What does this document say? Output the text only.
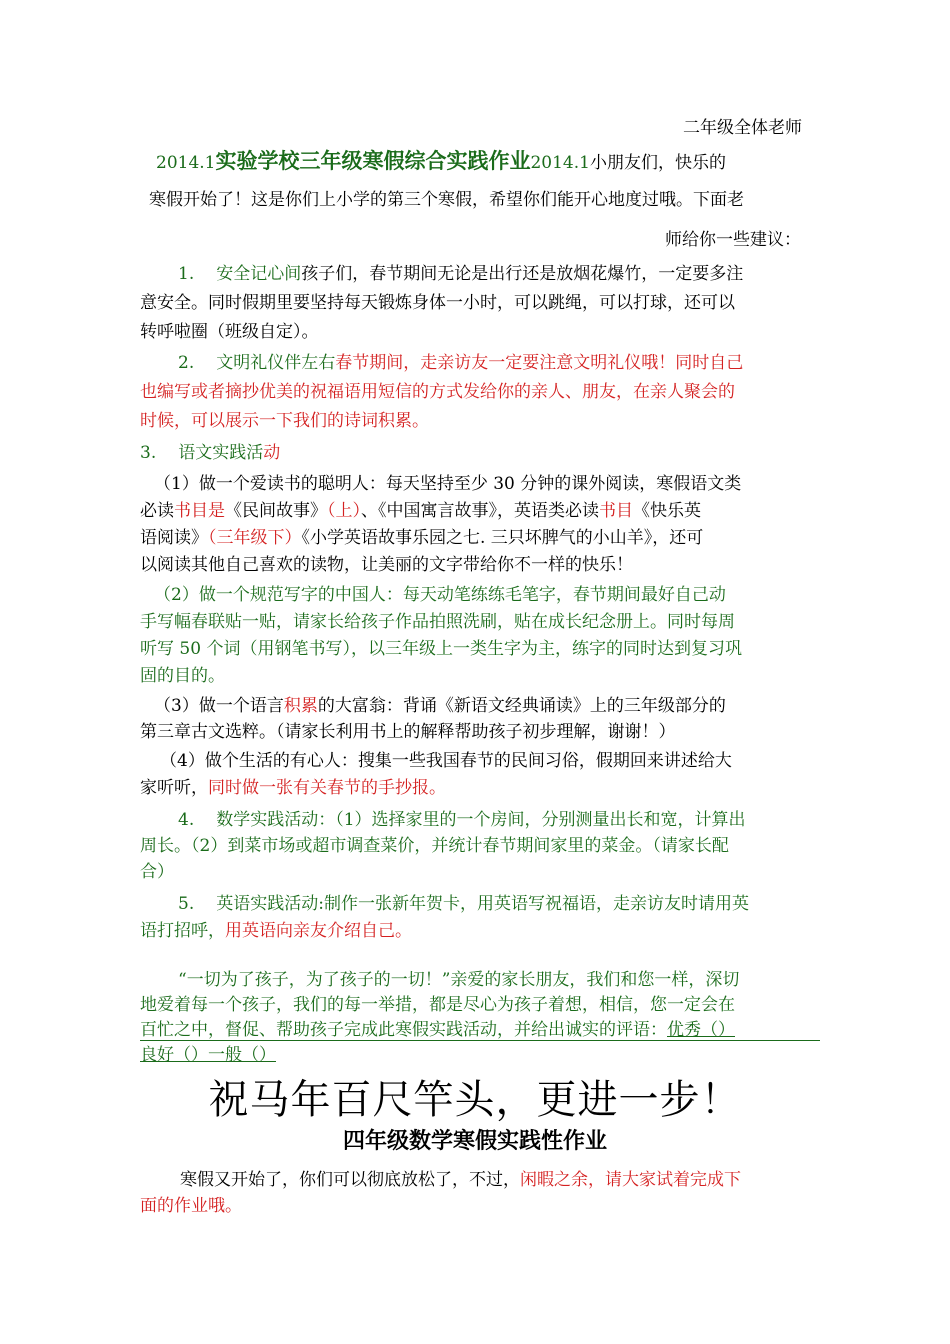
二年级全体老师
2014.1实验学校三年级寒假综合实践作业2014.1小朋友们，快乐的
寒假开始了！这是你们上小学的第三个寒假，希望你们能开心地度过哦。下面老
师给你一些建议：
1. 安全记心间孩子们，春节期间无论是出行还是放烟花爆竹，一定要多注
意安全。同时假期里要坚持每天锻炼身体一小时，可以跳绳，可以打球，还可以
转呼啦圈（班级自定）。
2. 文明礼仪伴左右春节期间，走亲访友一定要注意文明礼仪哦！同时自己
也编写或者摘抄优美的祝福语用短信的方式发给你的亲人、朋友，在亲人聚会的
时候，可以展示一下我们的诗词积累。
3. 语文实践活动
（1）做一个爱读书的聪明人：每天坚持至少 30 分钟的课外阅读，寒假语文类
必读书目是《民间故事》（上）、《中国寓言故事》，英语类必读书目《快乐英
语阅读》（三年级下）《小学英语故事乐园之七. 三只坏脾气的小山羊》，还可
以阅读其他自己喜欢的读物，让美丽的文字带给你不一样的快乐！
（2）做一个规范写字的中国人：每天动笔练练毛笔字，春节期间最好自己动
手写幅春联贴一贴，请家长给孩子作品拍照洗刷，贴在成长纪念册上。同时每周
听写 50 个词（用钢笔书写），以三年级上一类生字为主，练字的同时达到复习巩
固的目的。
（3）做一个语言积累的大富翁：背诵《新语文经典诵读》上的三年级部分的
第三章古文选粹。（请家长利用书上的解释帮助孩子初步理解，谢谢！）
（4）做个生活的有心人：搜集一些我国春节的民间习俗，假期回来讲述给大
家听听，同时做一张有关春节的手抄报。
4. 数学实践活动：（1）选择家里的一个房间，分别测量出长和宽，计算出
周长。（2）到菜市场或超市调查菜价，并统计春节期间家里的菜金。（请家长配
合）
5. 英语实践活动:制作一张新年贺卡，用英语写祝福语，走亲访友时请用英
语打招呼，用英语向亲友介绍自己。
“一切为了孩子，为了孩子的一切！”亲爱的家长朋友，我们和您一样，深切
地爱着每一个孩子，我们的每一举措，都是尽心为孩子着想，相信，您一定会在
百忙之中，督促、帮助孩子完成此寒假实践活动，并给出诚实的评语：优秀（）
良好（）一般（）
祝马年百尺竿头，更进一步！
四年级数学寒假实践性作业
寒假又开始了，你们可以彻底放松了，不过，闲暇之余，请大家试着完成下
面的作业哦。
